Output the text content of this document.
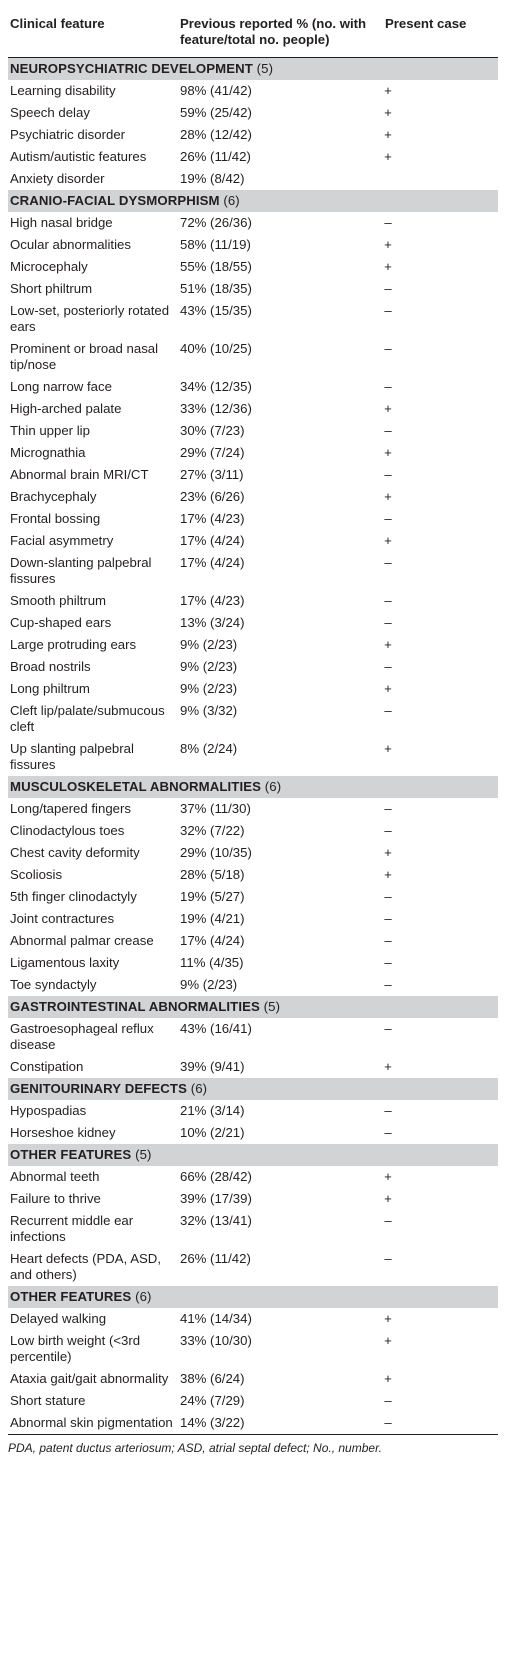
Clinical feature	Previous reported % (no. with feature/total no. people)	Present case
NEUROPSYCHIATRIC DEVELOPMENT (5)		
Learning disability	98% (41/42)	+
Speech delay	59% (25/42)	+
Psychiatric disorder	28% (12/42)	+
Autism/autistic features	26% (11/42)	+
Anxiety disorder	19% (8/42)	
CRANIO-FACIAL DYSMORPHISM (6)		
High nasal bridge	72% (26/36)	–
Ocular abnormalities	58% (11/19)	+
Microcephaly	55% (18/55)	+
Short philtrum	51% (18/35)	–
Low-set, posteriorly rotated ears	43% (15/35)	–
Prominent or broad nasal tip/nose	40% (10/25)	–
Long narrow face	34% (12/35)	–
High-arched palate	33% (12/36)	+
Thin upper lip	30% (7/23)	–
Micrognathia	29% (7/24)	+
Abnormal brain MRI/CT	27% (3/11)	–
Brachycephaly	23% (6/26)	+
Frontal bossing	17% (4/23)	–
Facial asymmetry	17% (4/24)	+
Down-slanting palpebral fissures	17% (4/24)	–
Smooth philtrum	17% (4/23)	–
Cup-shaped ears	13% (3/24)	–
Large protruding ears	9% (2/23)	+
Broad nostrils	9% (2/23)	–
Long philtrum	9% (2/23)	+
Cleft lip/palate/submucous cleft	9% (3/32)	–
Up slanting palpebral fissures	8% (2/24)	+
MUSCULOSKELETAL ABNORMALITIES (6)		
Long/tapered fingers	37% (11/30)	–
Clinodactylous toes	32% (7/22)	–
Chest cavity deformity	29% (10/35)	+
Scoliosis	28% (5/18)	+
5th finger clinodactyly	19% (5/27)	–
Joint contractures	19% (4/21)	–
Abnormal palmar crease	17% (4/24)	–
Ligamentous laxity	11% (4/35)	–
Toe syndactyly	9% (2/23)	–
GASTROINTESTINAL ABNORMALITIES (5)		
Gastroesophageal reflux disease	43% (16/41)	–
Constipation	39% (9/41)	+
GENITOURINARY DEFECTS (6)		
Hypospadias	21% (3/14)	–
Horseshoe kidney	10% (2/21)	–
OTHER FEATURES (5)		
Abnormal teeth	66% (28/42)	+
Failure to thrive	39% (17/39)	+
Recurrent middle ear infections	32% (13/41)	–
Heart defects (PDA, ASD, and others)	26% (11/42)	–
OTHER FEATURES (6)		
Delayed walking	41% (14/34)	+
Low birth weight (<3rd percentile)	33% (10/30)	+
Ataxia gait/gait abnormality	38% (6/24)	+
Short stature	24% (7/29)	–
Abnormal skin pigmentation	14% (3/22)	–
PDA, patent ductus arteriosum; ASD, atrial septal defect; No., number.
